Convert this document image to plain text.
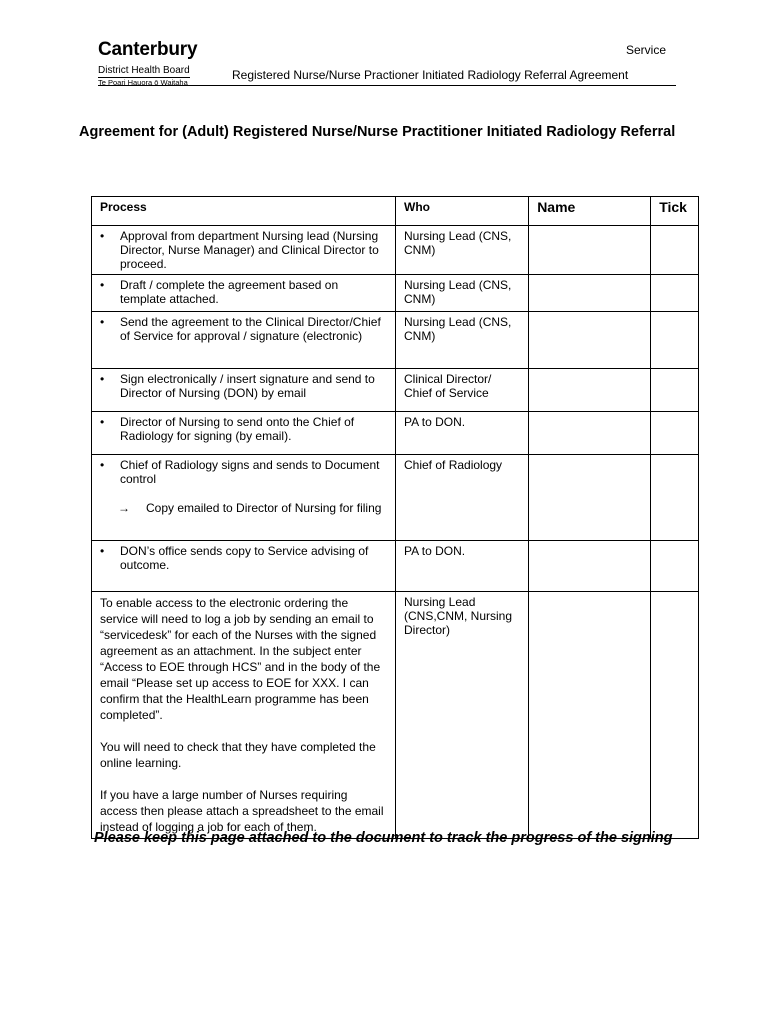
Canterbury
District Health Board
Te Poari Hauora ō Waitaha
Service
Registered Nurse/Nurse Practioner Initiated Radiology Referral Agreement
Agreement for (Adult) Registered Nurse/Nurse Practitioner Initiated Radiology Referral
Process	Who	Name	Tick

• Approval from department Nursing lead (Nursing Director, Nurse Manager) and Clinical Director to proceed.	Nursing Lead (CNS, CNM)		

• Draft / complete the agreement based on template attached.	Nursing Lead (CNS, CNM)		

• Send the agreement to the Clinical Director/Chief of Service for approval / signature (electronic)	Nursing Lead (CNS, CNM)		

• Sign electronically / insert signature and send to Director of Nursing (DON) by email	Clinical Director/ Chief of Service		

• Director of Nursing to send onto the Chief of Radiology for signing (by email).	PA to DON.		

• Chief of Radiology signs and sends to Document control
→ Copy emailed to Director of Nursing for filing	Chief of Radiology		

• DON’s office sends copy to Service advising of outcome.	PA to DON.		

To enable access to the electronic ordering the service will need to log a job by sending an email to “servicedesk” for each of the Nurses with the signed agreement as an attachment. In the subject enter “Access to EOE through HCS” and in the body of the email “Please set up access to EOE for XXX. I can confirm that the HealthLearn programme has been completed”.
You will need to check that they have completed the online learning.
If you have a large number of Nurses requiring access then please attach a spreadsheet to the email instead of logging a job for each of them.	Nursing Lead (CNS,CNM, Nursing Director)		
Please keep this page attached to the document to track the progress of the signing
